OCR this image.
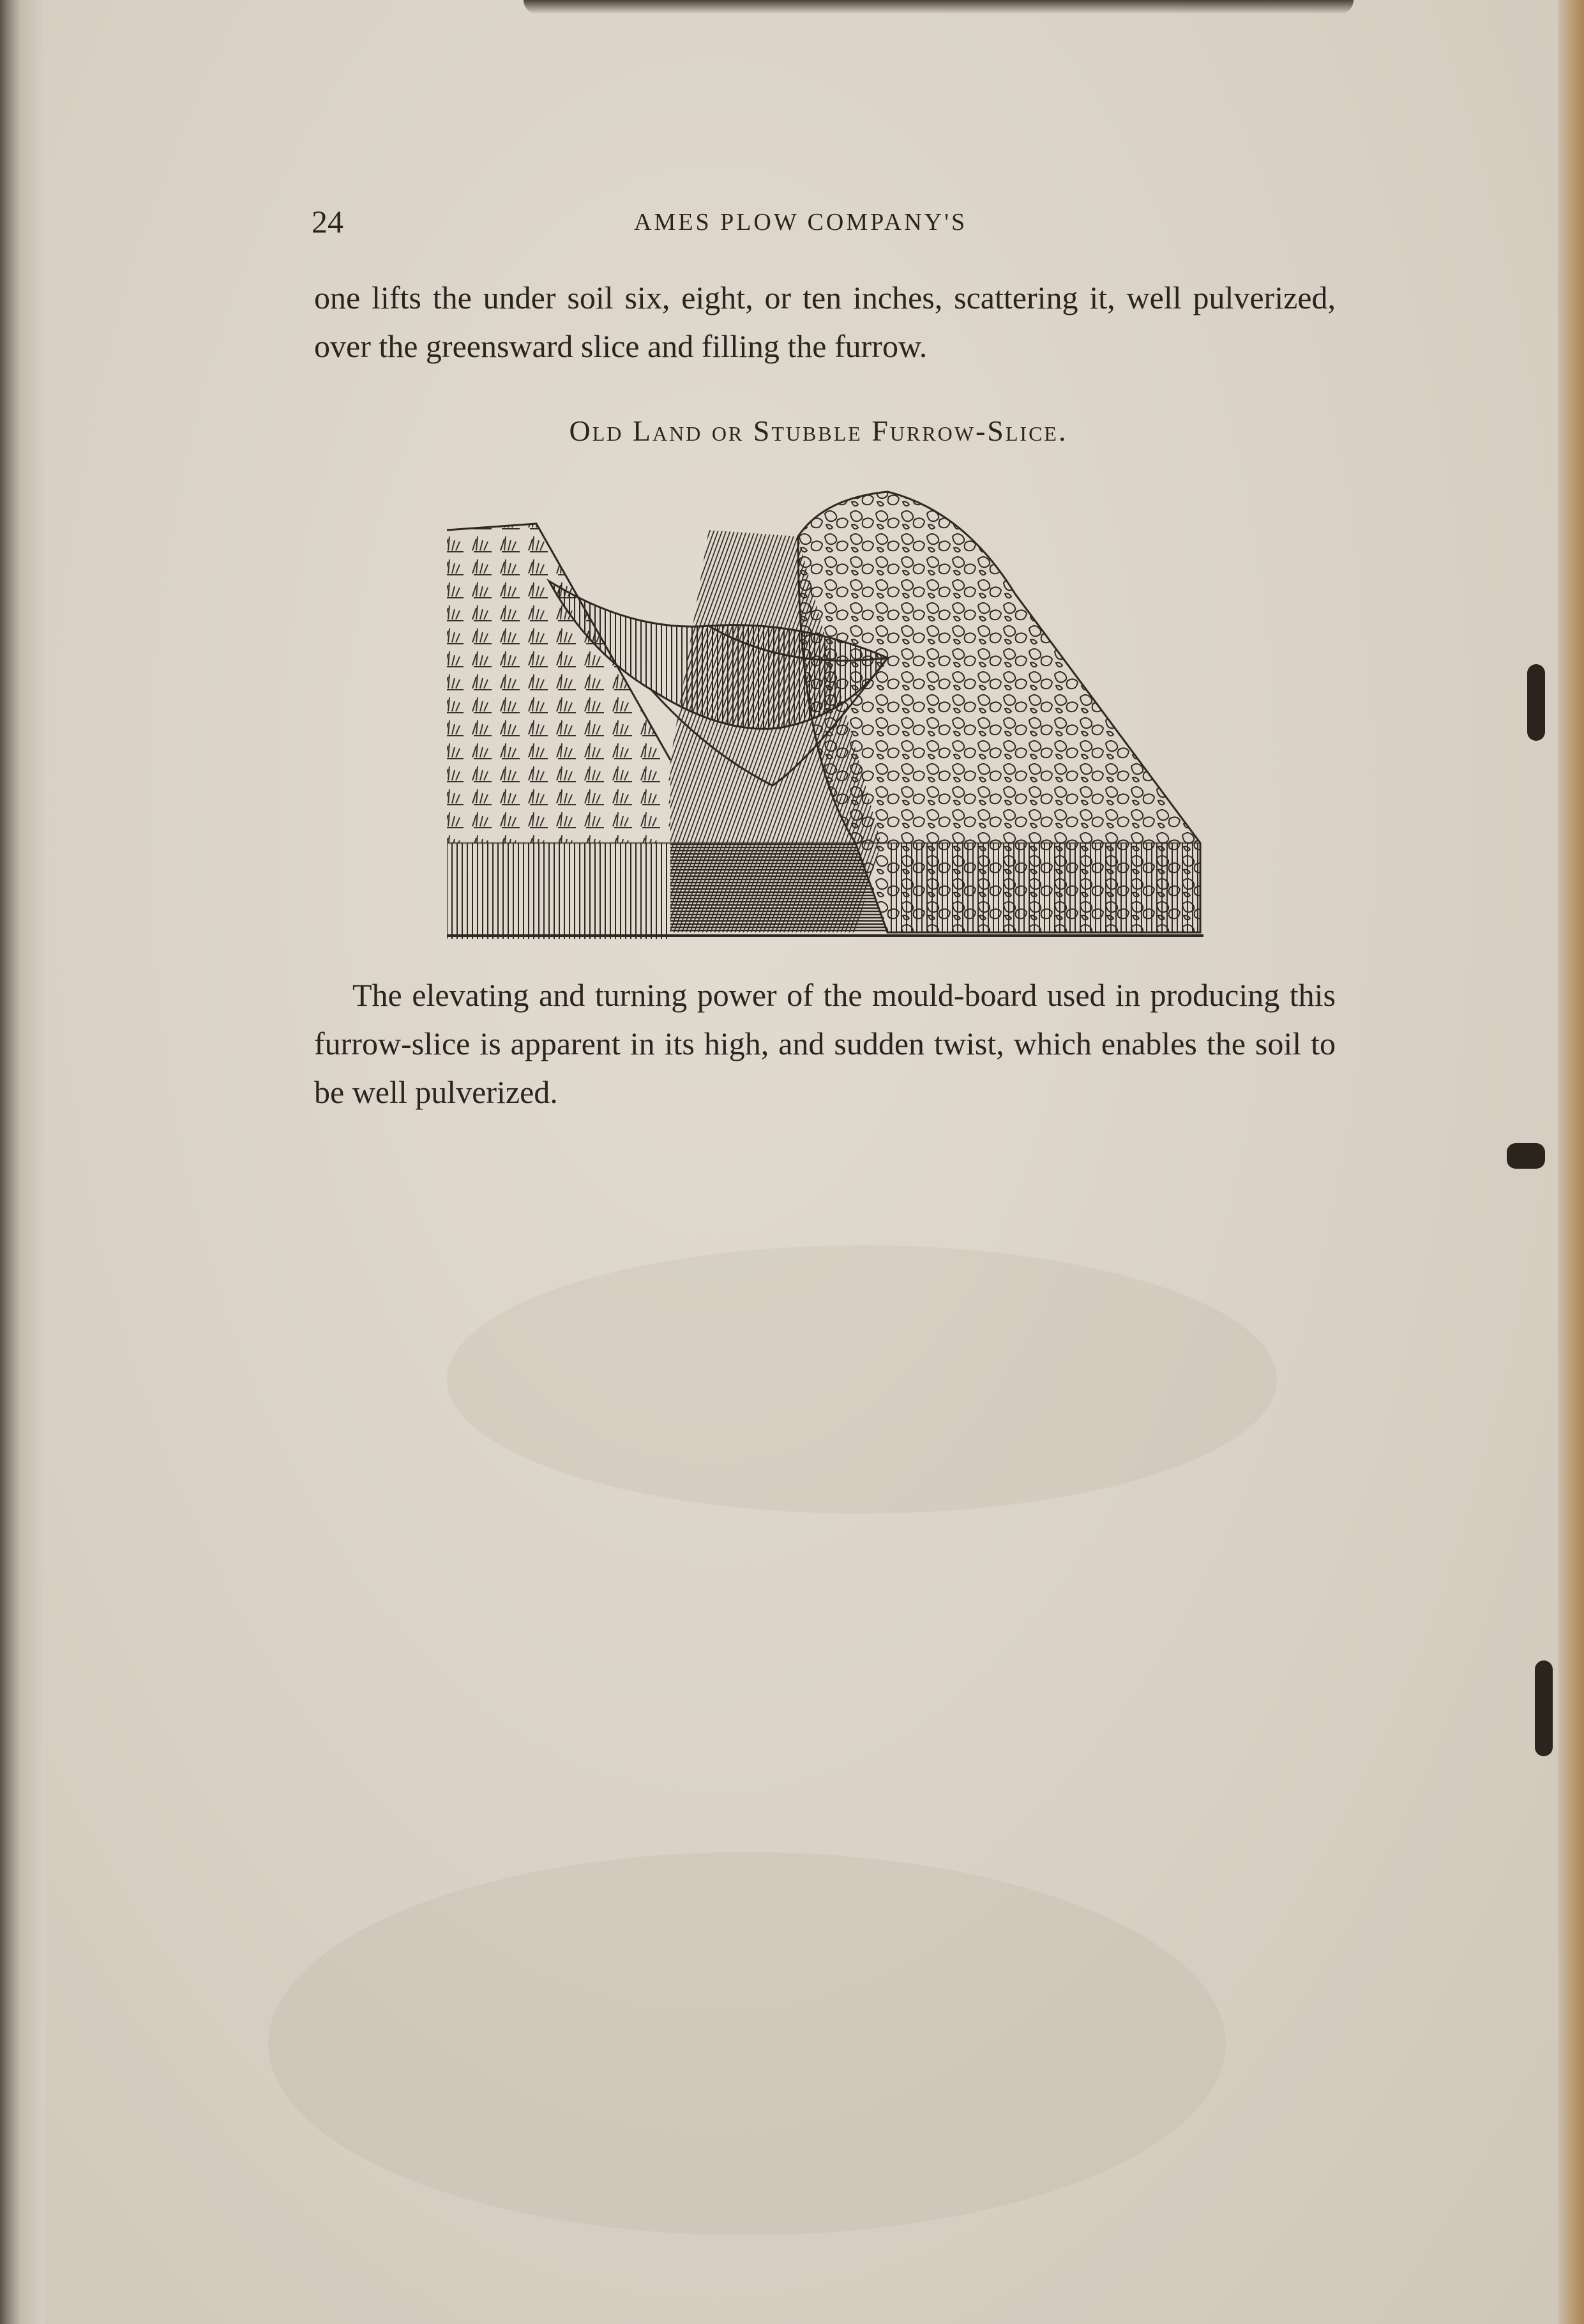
24	AMES PLOW COMPANY'S
one lifts the under soil six, eight, or ten inches, scattering it, well pulverized, over the greensward slice and filling the furrow.
Old Land or Stubble Furrow-Slice.
The elevating and turning power of the mould-board used in producing this furrow-slice is apparent in its high, and sudden twist, which enables the soil to be well pulverized.
